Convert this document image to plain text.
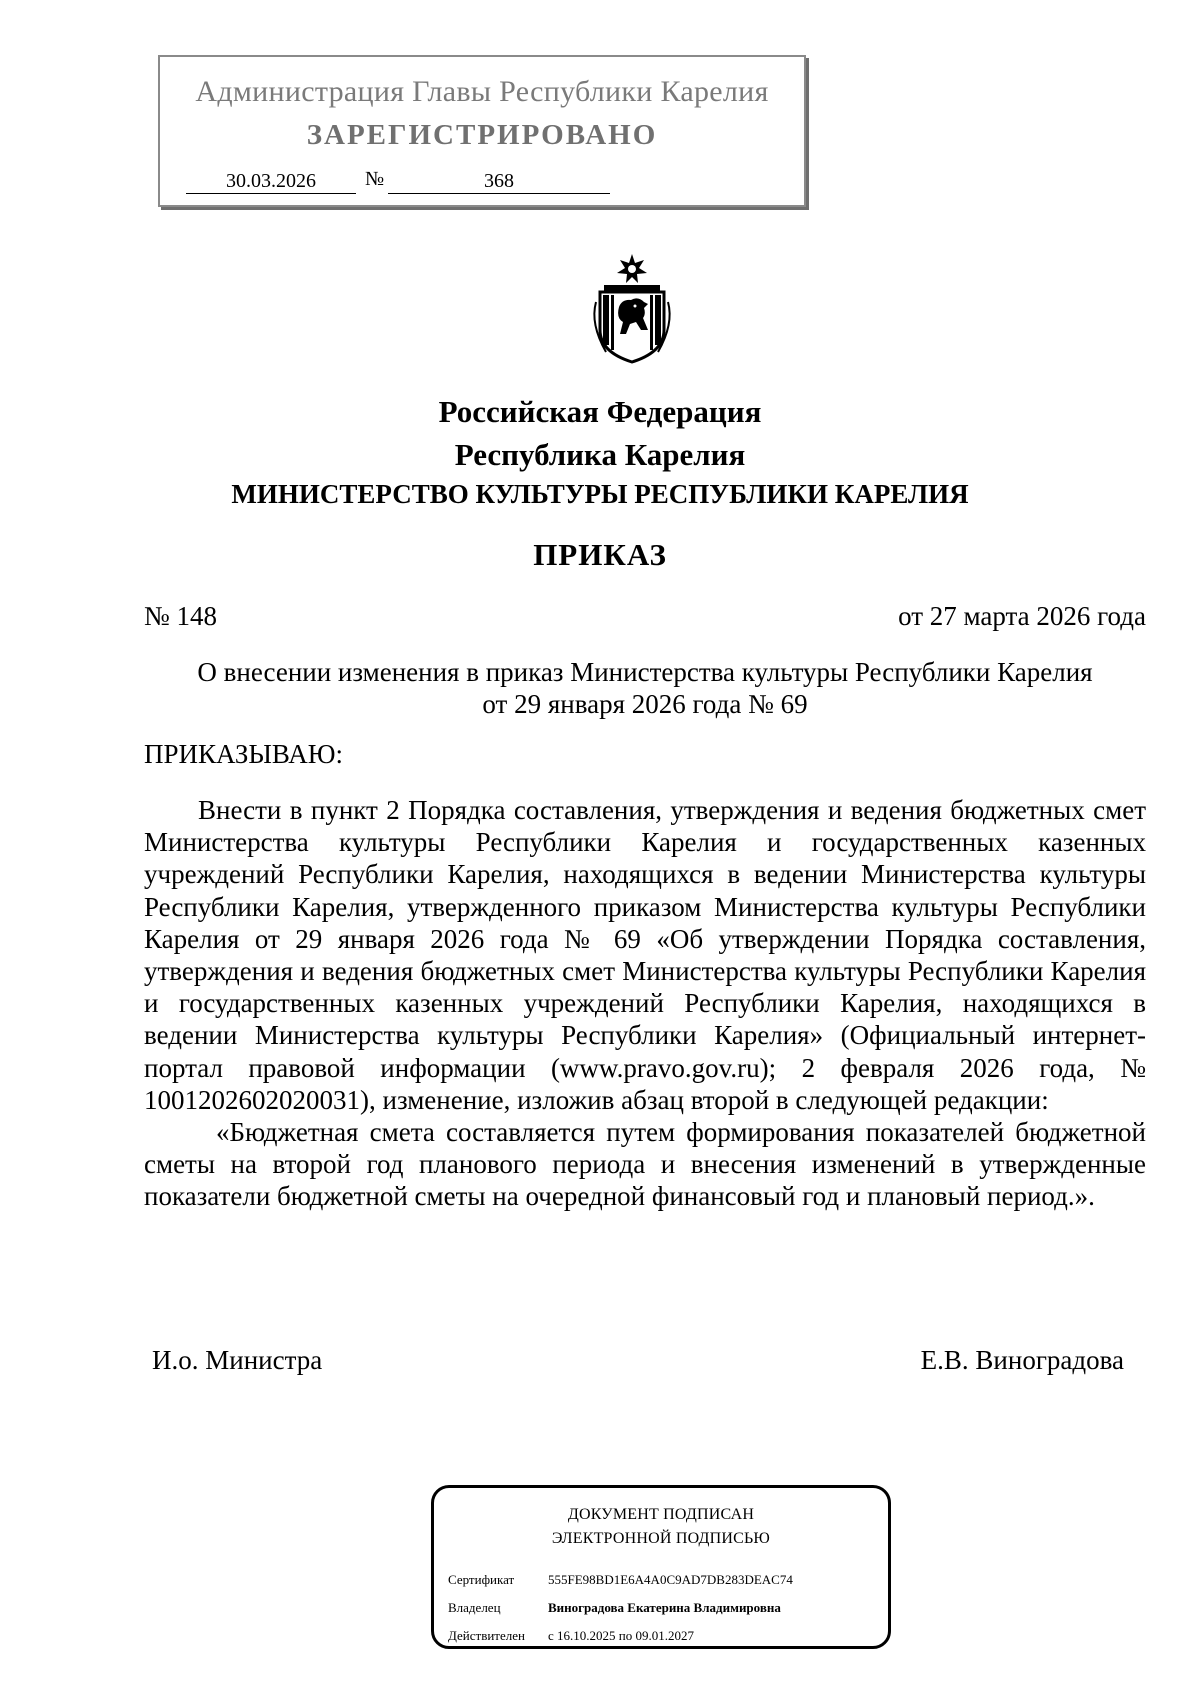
Администрация Главы Республики Карелия
ЗАРЕГИСТРИРОВАНО
30.03.2026	№	368
Российская Федерация
Республика Карелия
МИНИСТЕРСТВО КУЛЬТУРЫ РЕСПУБЛИКИ КАРЕЛИЯ
ПРИКАЗ
№ 148	от 27 марта 2026 года
О внесении изменения в приказ Министерства культуры Республики Карелия
от 29 января 2026 года № 69
ПРИКАЗЫВАЮ:

Внести в пункт 2 Порядка составления, утверждения и ведения бюджетных смет Министерства культуры Республики Карелия и государственных казенных учреждений Республики Карелия, находящихся в ведении Министерства культуры Республики Карелия, утвержденного приказом Министерства культуры Республики Карелия от 29 января 2026 года № 69 «Об утверждении Порядка составления, утверждения и ведения бюджетных смет Министерства культуры Республики Карелия и государственных казенных учреждений Республики Карелия, находящихся в ведении Министерства культуры Республики Карелия» (Официальный интернет-портал правовой информации (www.pravo.gov.ru); 2 февраля 2026 года, № 1001202602020031), изменение, изложив абзац второй в следующей редакции:

«Бюджетная смета составляется путем формирования показателей бюджетной сметы на второй год планового периода и внесения изменений в утвержденные показатели бюджетной сметы на очередной финансовый год и плановый период.».

И.о. Министра	Е.В. Виноградова
ДОКУМЕНТ ПОДПИСАН
ЭЛЕКТРОННОЙ ПОДПИСЬЮ
Сертификат	555FE98BD1E6A4A0C9AD7DB283DEAC74
Владелец	Виноградова Екатерина Владимировна
Действителен с 16.10.2025 по 09.01.2027
